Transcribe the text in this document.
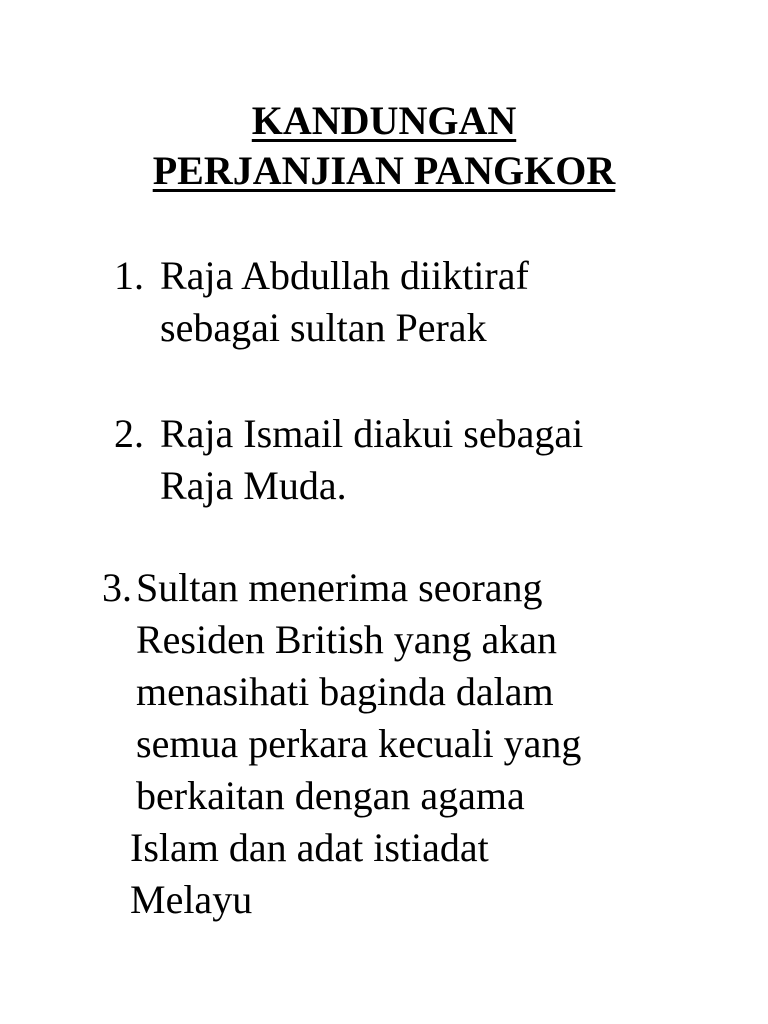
KANDUNGAN
PERJANJIAN PANGKOR
1. Raja Abdullah diiktiraf
sebagai sultan Perak
2. Raja Ismail diakui sebagai
Raja Muda.
3. Sultan menerima seorang
Residen British yang akan
menasihati baginda dalam
semua perkara kecuali yang
berkaitan dengan agama
Islam dan adat istiadat
Melayu
